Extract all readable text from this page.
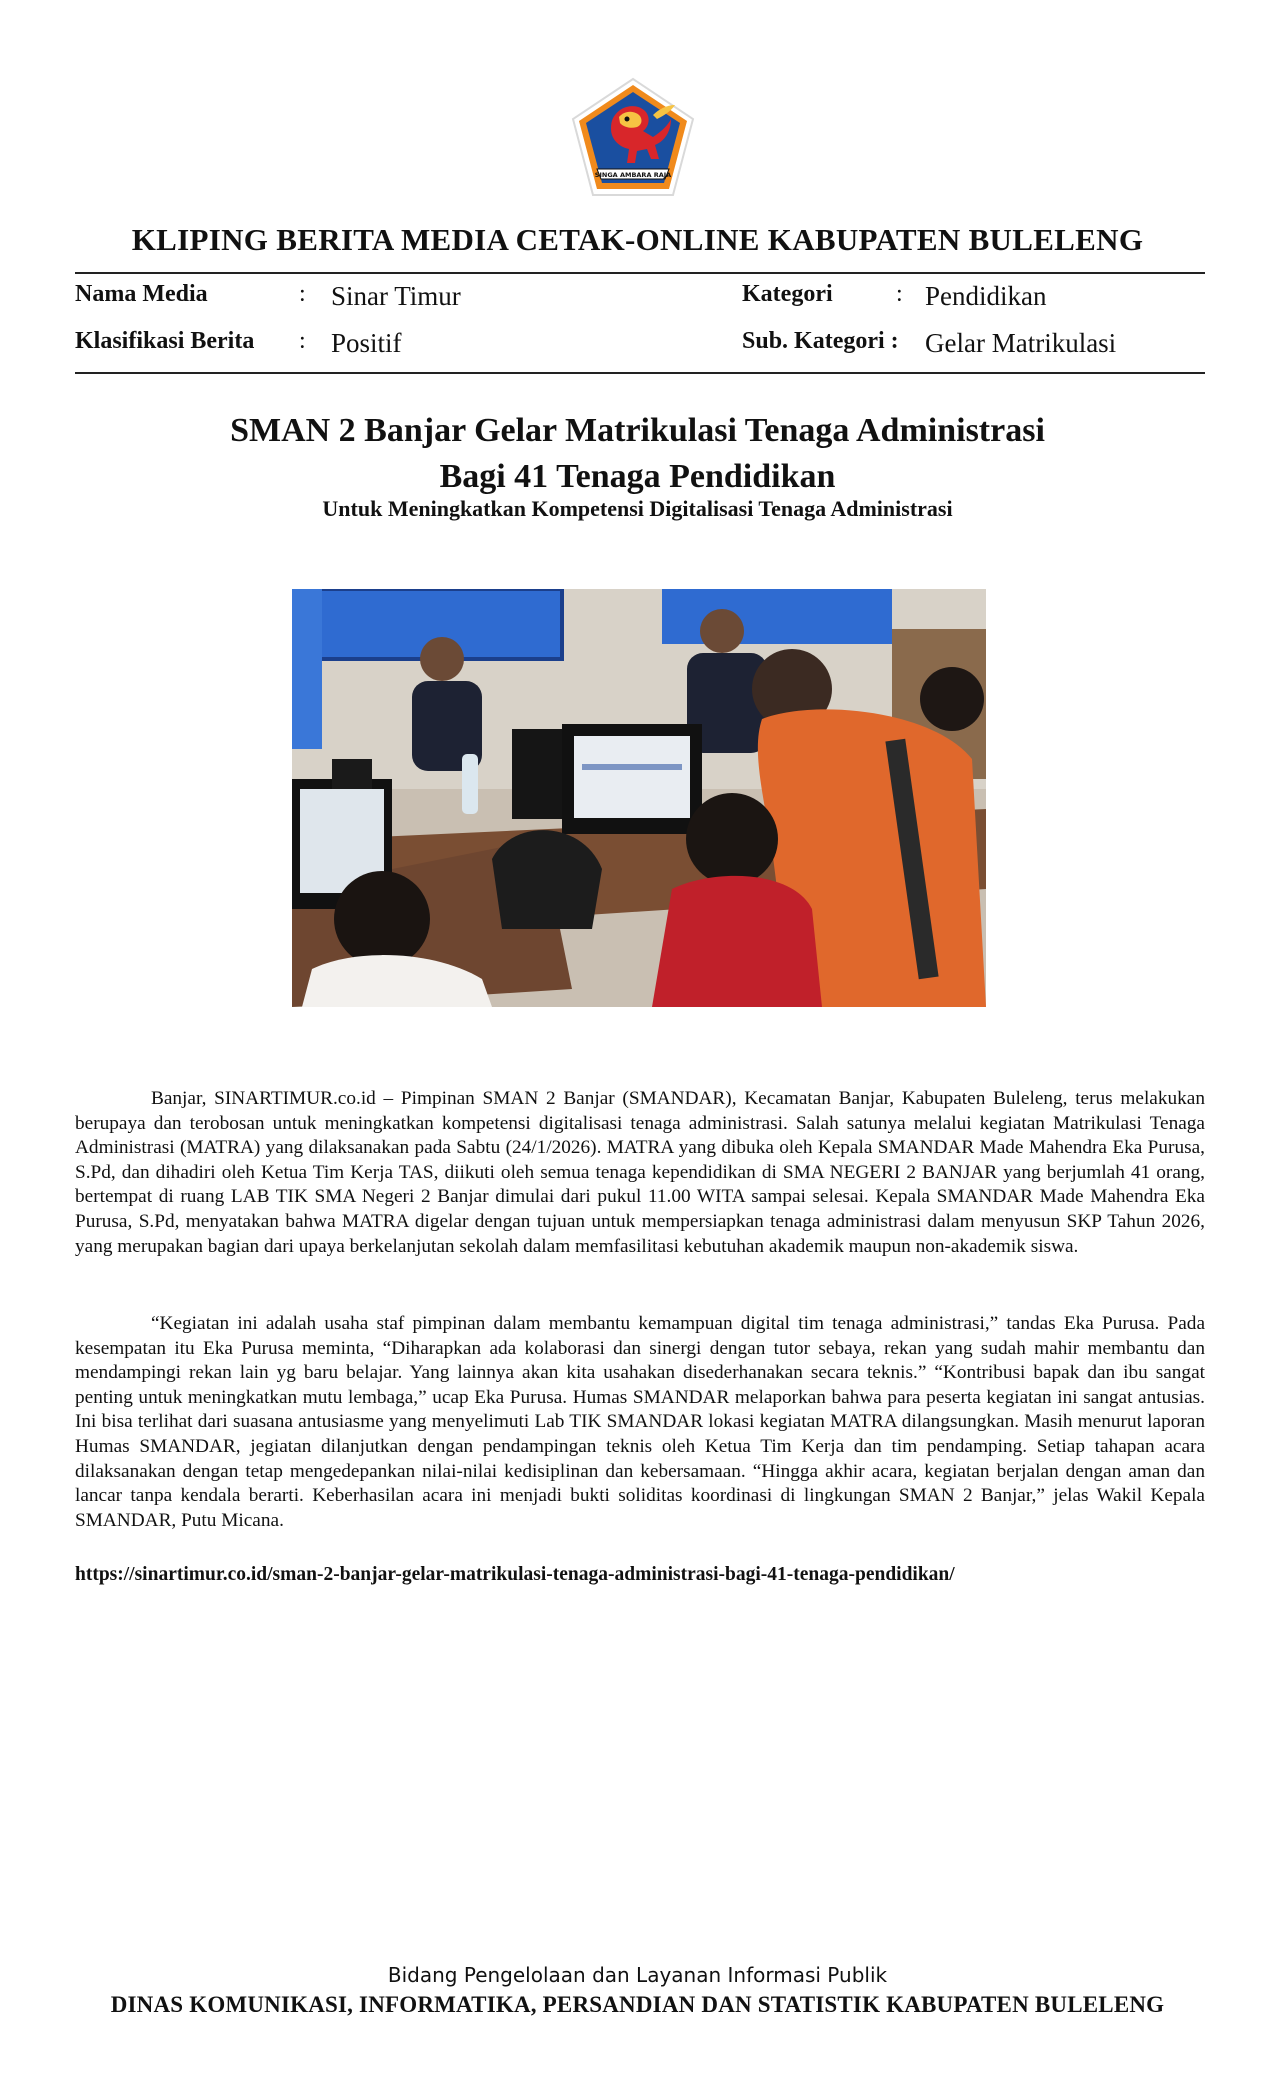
SINGA AMBARA RAJA
KLIPING BERITA MEDIA CETAK-ONLINE KABUPATEN BULELENG
Nama Media	: Sinar Timur	Kategori	: Pendidikan
Klasifikasi Berita : Positif	Sub. Kategori : Gelar Matrikulasi
SMAN 2 Banjar Gelar Matrikulasi Tenaga Administrasi
Bagi 41 Tenaga Pendidikan
Untuk Meningkatkan Kompetensi Digitalisasi Tenaga Administrasi

Banjar, SINARTIMUR.co.id – Pimpinan SMAN 2 Banjar (SMANDAR), Kecamatan Banjar, Kabupaten Buleleng, terus melakukan berupaya dan terobosan untuk meningkatkan kompetensi digitalisasi tenaga administrasi. Salah satunya melalui kegiatan Matrikulasi Tenaga Administrasi (MATRA) yang dilaksanakan pada Sabtu (24/1/2026). MATRA yang dibuka oleh Kepala SMANDAR Made Mahendra Eka Purusa, S.Pd, dan dihadiri oleh Ketua Tim Kerja TAS, diikuti oleh semua tenaga kependidikan di SMA NEGERI 2 BANJAR yang berjumlah 41 orang, bertempat di ruang LAB TIK SMA Negeri 2 Banjar dimulai dari pukul 11.00 WITA sampai selesai. Kepala SMANDAR Made Mahendra Eka Purusa, S.Pd, menyatakan bahwa MATRA digelar dengan tujuan untuk mempersiapkan tenaga administrasi dalam menyusun SKP Tahun 2026, yang merupakan bagian dari upaya berkelanjutan sekolah dalam memfasilitasi kebutuhan akademik maupun non-akademik siswa.

“Kegiatan ini adalah usaha staf pimpinan dalam membantu kemampuan digital tim tenaga administrasi,” tandas Eka Purusa. Pada kesempatan itu Eka Purusa meminta, “Diharapkan ada kolaborasi dan sinergi dengan tutor sebaya, rekan yang sudah mahir membantu dan mendampingi rekan lain yg baru belajar. Yang lainnya akan kita usahakan disederhanakan secara teknis.” “Kontribusi bapak dan ibu sangat penting untuk meningkatkan mutu lembaga,” ucap Eka Purusa. Humas SMANDAR melaporkan bahwa para peserta kegiatan ini sangat antusias. Ini bisa terlihat dari suasana antusiasme yang menyelimuti Lab TIK SMANDAR lokasi kegiatan MATRA dilangsungkan. Masih menurut laporan Humas SMANDAR, jegiatan dilanjutkan dengan pendampingan teknis oleh Ketua Tim Kerja dan tim pendamping. Setiap tahapan acara dilaksanakan dengan tetap mengedepankan nilai-nilai kedisiplinan dan kebersamaan. “Hingga akhir acara, kegiatan berjalan dengan aman dan lancar tanpa kendala berarti. Keberhasilan acara ini menjadi bukti soliditas koordinasi di lingkungan SMAN 2 Banjar,” jelas Wakil Kepala SMANDAR, Putu Micana.

https://sinartimur.co.id/sman-2-banjar-gelar-matrikulasi-tenaga-administrasi-bagi-41-tenaga-pendidikan/
Bidang Pengelolaan dan Layanan Informasi Publik
DINAS KOMUNIKASI, INFORMATIKA, PERSANDIAN DAN STATISTIK KABUPATEN BULELENG
